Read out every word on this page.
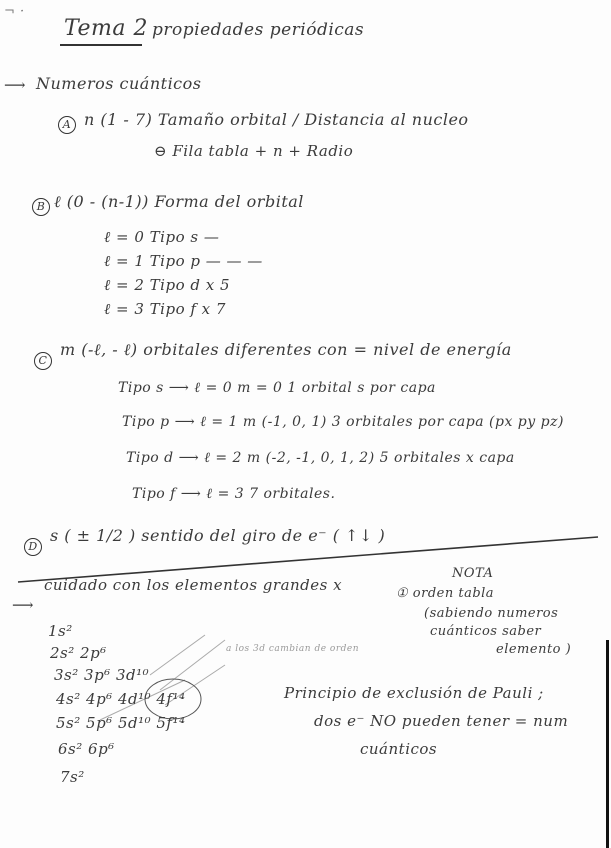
¬ ·
Tema 2 propiedades periódicas
⟶ Numeros cuánticos
A n (1 - 7) Tamaño orbital / Distancia al nucleo
⊖ Fila tabla + n + Radio
B ℓ (0 - (n-1)) Forma del orbital
ℓ = 0 Tipo s —
ℓ = 1 Tipo p — — —
ℓ = 2 Tipo d x 5
ℓ = 3 Tipo f x 7
C
m (-ℓ, - ℓ) orbitales diferentes con = nivel de energía
Tipo s ⟶ ℓ = 0 m = 0 1 orbital s por capa
Tipo p ⟶ ℓ = 1 m (-1, 0, 1) 3 orbitales por capa (px py pz)
Tipo d ⟶ ℓ = 2 m (-2, -1, 0, 1, 2) 5 orbitales x capa
Tipo f ⟶ ℓ = 3 7 orbitales.
D
s ( ± 1/2 ) sentido del giro de e⁻ ( ↑↓ )
⟶
cuidado con los elementos grandes x
NOTA
① orden tabla
(sabiendo numeros
cuánticos saber
elemento )
1s²
2s² 2p⁶
3s² 3p⁶ 3d¹⁰
4s² 4p⁶ 4d¹⁰ 4f¹⁴
5s² 5p⁶ 5d¹⁰ 5f¹⁴
6s² 6p⁶
7s²
a los 3d cambian de orden
Principio de exclusión de Pauli ;
dos e⁻ NO pueden tener = num
cuánticos
